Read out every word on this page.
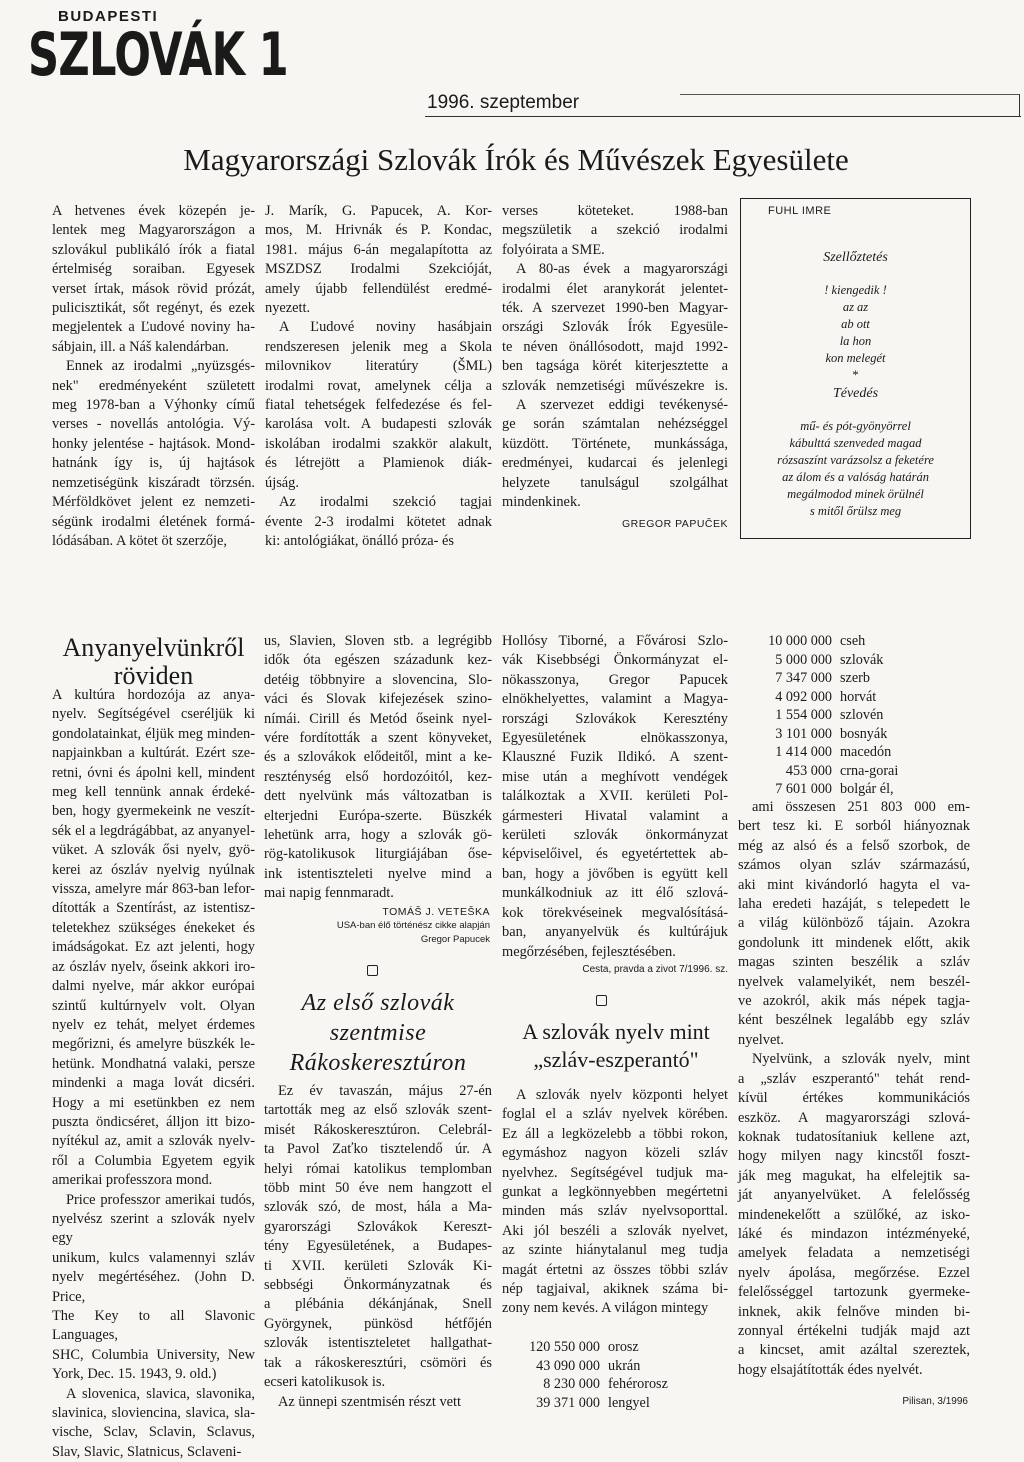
BUDAPESTI
SZLOVÁK 1
1996. szeptember
Magyarországi Szlovák Írók és Művészek Egyesülete
A hetvenes évek közepén je-
lentek meg Magyarországon a
szlovákul publikáló írók a fiatal
értelmiség soraiban. Egyesek
verset írtak, mások rövid prózát,
pulicisztikát, sőt regényt, és ezek
megjelentek a Ľudové noviny ha-
sábjain, ill. a Náš kalendárban.
Ennek az irodalmi „nyüzsgés-
nek" eredményeként született
meg 1978-ban a Výhonky című
verses - novellás antológia. Vý-
honky jelentése - hajtások. Mond-
hatnánk így is, új hajtások
nemzetiségünk kiszáradt törzsén.
Mérföldkövet jelent ez nemzeti-
ségünk irodalmi életének formá-
lódásában. A kötet öt szerzője,
J. Marík, G. Papucek, A. Kor-
mos, M. Hrivnák és P. Kondac,
1981. május 6-án megalapította az
MSZDSZ Irodalmi Szekcióját,
amely újabb fellendülést eredmé-
nyezett.
A Ľudové noviny hasábjain
rendszeresen jelenik meg a Skola
milovnikov literatúry (ŠML)
irodalmi rovat, amelynek célja a
fiatal tehetségek felfedezése és fel-
karolása volt. A budapesti szlovák
iskolában irodalmi szakkör alakult,
és létrejött a Plamienok diák-
újság.
Az irodalmi szekció tagjai
évente 2-3 irodalmi kötetet adnak
ki: antológiákat, önálló próza- és
verses köteteket. 1988-ban
megszületik a szekció irodalmi
folyóirata a SME.
A 80-as évek a magyarországi
irodalmi élet aranykorát jelentet-
ték. A szervezet 1990-ben Magyar-
országi Szlovák Írók Egyesüle-
te néven önállósodott, majd 1992-
ben tagsága körét kiterjesztette a
szlovák nemzetiségi művészekre is.
A szervezet eddigi tevékenysé-
ge során számtalan nehézséggel
küzdött. Története, munkássága,
eredményei, kudarcai és jelenlegi
helyzete tanulságul szolgálhat
mindenkinek.
GREGOR PAPUČEK
FUHL IMRE
Szellőztetés
! kiengedik !
az az
ab ott
la hon
kon melegét
*
Tévedés
mű- és pót-gyönyörrel
kábulttá szenveded magad
rózsaszínt varázsolsz a feketére
az álom és a valóság határán
megálmodod minek örülnél
s mitől őrülsz meg
Anyanyelvünkről
röviden
A kultúra hordozója az anya-
nyelv. Segítségével cseréljük ki
gondolatainkat, éljük meg minden-
napjainkban a kultúrát. Ezért sze-
retni, óvni és ápolni kell, mindent
meg kell tennünk annak érdeké-
ben, hogy gyermekeink ne veszít-
sék el a legdrágábbat, az anyanyel-
vüket. A szlovák ősi nyelv, gyö-
kerei az ószláv nyelvig nyúlnak
vissza, amelyre már 863-ban lefor-
dították a Szentírást, az istentisz-
teletekhez szükséges énekeket és
imádságokat. Ez azt jelenti, hogy
az ószláv nyelv, őseink akkori iro-
dalmi nyelve, már akkor európai
szintű kultúrnyelv volt. Olyan
nyelv ez tehát, melyet érdemes
megőrizni, és amelyre büszkék le-
hetünk. Mondhatná valaki, persze
mindenki a maga lovát dicséri.
Hogy a mi esetünkben ez nem
puszta öndicséret, álljon itt bizo-
nyítékul az, amit a szlovák nyelv-
ről a Columbia Egyetem egyik
amerikai professzora mond.
Price professzor amerikai tudós,
nyelvész szerint a szlovák nyelv egy
unikum, kulcs valamennyi szláv
nyelv megértéséhez. (John D. Price,
The Key to all Slavonic Languages,
SHC, Columbia University, New
York, Dec. 15. 1943, 9. old.)
A slovenica, slavica, slavonika,
slavinica, sloviencina, slavica, sla-
vische, Sclav, Sclavin, Sclavus,
Slav, Slavic, Slatnicus, Sclaveni-
us, Slavien, Sloven stb. a legrégibb
idők óta egészen századunk kez-
detéig többnyire a slovencina, Slo-
váci és Slovak kifejezések szino-
nímái. Cirill és Metód őseink nyel-
vére fordították a szent könyveket,
és a szlovákok elődeitől, mint a ke-
reszténység első hordozóitól, kez-
dett nyelvünk más változatban is
elterjedni Európa-szerte. Büszkék
lehetünk arra, hogy a szlovák gö-
rög-katolikusok liturgiájában őse-
ink istentiszteleti nyelve mind a
mai napig fennmaradt.
TOMÁŠ J. VETEŠKA
USA-ban élő történész cikke alapján
Gregor Papucek
Az első szlovák
szentmise
Rákoskeresztúron
Ez év tavaszán, május 27-én
tartották meg az első szlovák szent-
misét Rákoskeresztúron. Celebrál-
ta Pavol Zaťko tisztelendő úr. A
helyi római katolikus templomban
több mint 50 éve nem hangzott el
szlovák szó, de most, hála a Ma-
gyarországi Szlovákok Kereszt-
tény Egyesületének, a Budapes-
ti XVII. kerületi Szlovák Ki-
sebbségi Önkormányzatnak és
a plébánia dékánjának, Snell
Györgynek, pünkösd hétfőjén
szlovák istentiszteletet hallgathat-
tak a rákoskeresztúri, csömöri és
ecseri katolikusok is.
Az ünnepi szentmisén részt vett
Hollósy Tiborné, a Fővárosi Szlo-
vák Kisebbségi Önkormányzat el-
nökasszonya, Gregor Papucek
elnökhelyettes, valamint a Magya-
rországi Szlovákok Keresztény
Egyesületének elnökasszonya,
Klauszné Fuzik Ildikó. A szent-
mise után a meghívott vendégek
találkoztak a XVII. kerületi Pol-
gármesteri Hivatal valamint a
kerületi szlovák önkormányzat
képviselőivel, és egyetértettek ab-
ban, hogy a jövőben is együtt kell
munkálkodniuk az itt élő szlová-
kok törekvéseinek megvalósításá-
ban, anyanyelvük és kultúrájuk
megőrzésében, fejlesztésében.
Cesta, pravda a zivot 7/1996. sz.
A szlovák nyelv mint
„szláv-eszperantó"
A szlovák nyelv központi helyet
foglal el a szláv nyelvek körében.
Ez áll a legközelebb a többi rokon,
egymáshoz nagyon közeli szláv
nyelvhez. Segítségével tudjuk ma-
gunkat a legkönnyebben megértetni
minden más szláv nyelvsoporttal.
Aki jól beszéli a szlovák nyelvet,
az szinte hiánytalanul meg tudja
magát értetni az összes többi szláv
nép tagjaival, akiknek száma bi-
zony nem kevés. A világon mintegy
120 550 000 orosz
43 090 000 ukrán
8 230 000 fehérorosz
39 371 000 lengyel
10 000 000 cseh
5 000 000 szlovák
7 347 000 szerb
4 092 000 horvát
1 554 000 szlovén
3 101 000 bosnyák
1 414 000 macedón
453 000 crna-gorai
7 601 000 bolgár él,
ami összesen 251 803 000 em-
bert tesz ki. E sorból hiányoznak
még az alsó és a felső szorbok, de
számos olyan szláv származású,
aki mint kivándorló hagyta el va-
laha eredeti hazáját, s telepedett le
a világ különböző tájain. Azokra
gondolunk itt mindenek előtt, akik
magas szinten beszélik a szláv
nyelvek valamelyikét, nem beszél-
ve azokról, akik más népek tagja-
ként beszélnek legalább egy szláv
nyelvet.
Nyelvünk, a szlovák nyelv, mint
a „szláv eszperantó" tehát rend-
kívül értékes kommunikációs
eszköz. A magyarországi szlová-
koknak tudatosítaniuk kellene azt,
hogy milyen nagy kincstől foszt-
ják meg magukat, ha elfelejtik sa-
ját anyanyelvüket. A felelősség
mindenekelőtt a szülőké, az isko-
láké és mindazon intézményeké,
amelyek feladata a nemzetiségi
nyelv ápolása, megőrzése. Ezzel
felelősséggel tartozunk gyermeke-
inknek, akik felnőve minden bi-
zonnyal értékelni tudják majd azt
a kincset, amit azáltal szereztek,
hogy elsajátították édes nyelvét.
Pilisan, 3/1996
